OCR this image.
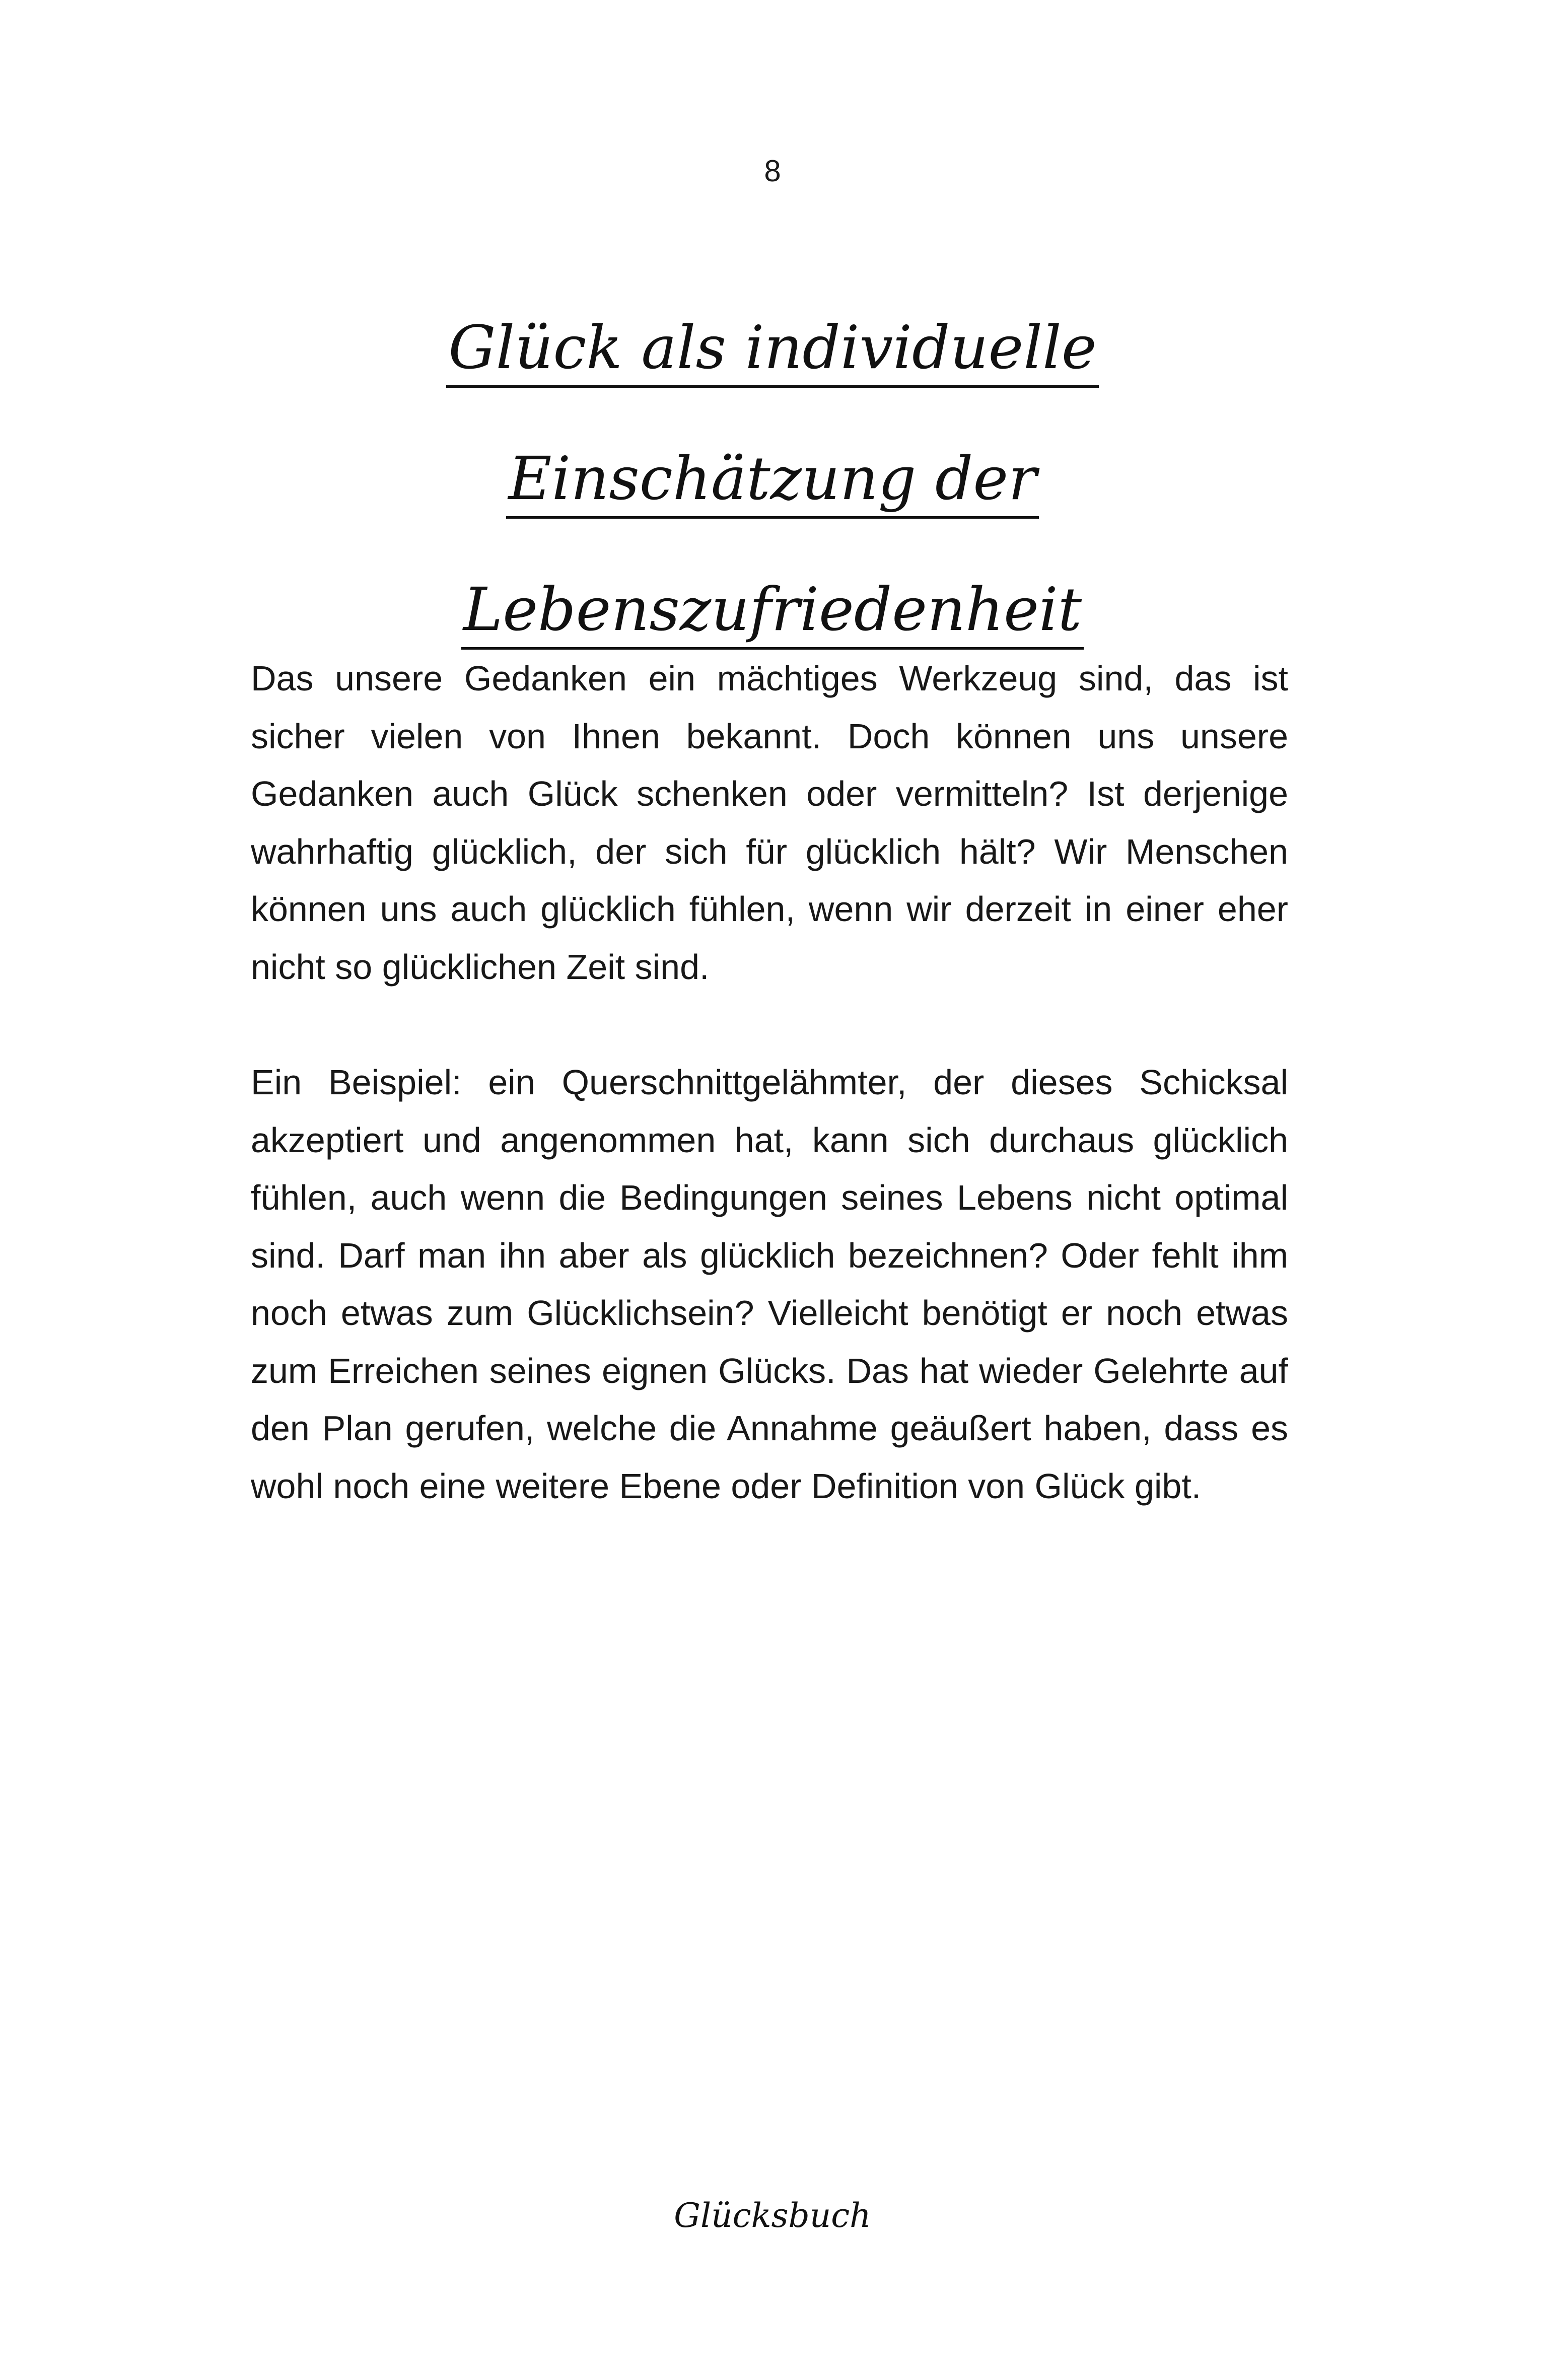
8
Glück als individuelle
Einschätzung der
Lebenszufriedenheit

Das unsere Gedanken ein mächtiges Werkzeug sind, das ist sicher vielen von Ihnen bekannt. Doch können uns unsere Gedanken auch Glück schenken oder vermitteln? Ist derjenige wahrhaftig glücklich, der sich für glücklich hält? Wir Menschen können uns auch glücklich fühlen, wenn wir derzeit in einer eher nicht so glücklichen Zeit sind.

Ein Beispiel: ein Querschnittgelähmter, der dieses Schicksal akzeptiert und angenommen hat, kann sich durchaus glücklich fühlen, auch wenn die Bedingungen seines Lebens nicht optimal sind. Darf man ihn aber als glücklich bezeichnen? Oder fehlt ihm noch etwas zum Glücklichsein? Vielleicht benötigt er noch etwas zum Erreichen seines eignen Glücks. Das hat wieder Gelehrte auf den Plan gerufen, welche die Annahme geäußert haben, dass es wohl noch eine weitere Ebene oder Definition von Glück gibt.

Glücksbuch
